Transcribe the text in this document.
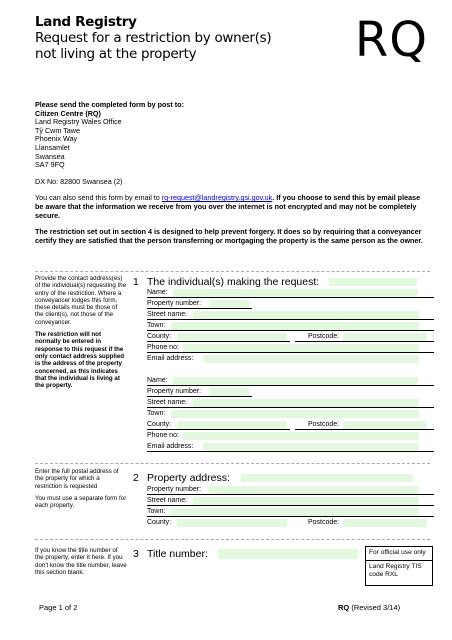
Land Registry
Request for a restriction by owner(s)
not living at the property	RQ

Please send the completed form by post to:

Citizen Centre (RQ)

Land Registry Wales Office

Tŷ Cwm Tawe

Phoenix Way

Llansamlet

Swansea

SA7 9FQ

DX No: 82800 Swansea (2)

You can also send this form by email to rq-request@landregistry.gsi.gov.uk. If you choose to send this by email please be aware that the information we receive from you over the internet is not encrypted and may not be completely secure.

The restriction set out in section 4 is designed to help prevent forgery. It does so by requiring that a conveyancer certify they are satisfied that the person transferring or mortgaging the property is the same person as the owner.

Provide the contact address(es) of the individual(s) requesting the entry of the restriction. Where a conveyancer lodges this form, these details must be those of the client(s), not those of the conveyancer.

The restriction will not normally be entered in response to this request if the only contact address supplied is the address of the property concerned, as this indicates that the individual is living at the property.

1 The individual(s) making the request:
Name:
Property number:
Street name:
Town:
County:	Postcode:
Phone no:
Email address:
Name:
Property number:
Street name:
Town:
County:	Postcode:
Phone no:
Email address:

Enter the full postal address of the property for which a restriction is requested

You must use a separate form for each property.

2 Property address:
Property number:
Street name:
Town:
County:	Postcode:

If you know the title number of the property, enter it here. If you don't know the title number, leave this section blank.

3 Title number:	For official use only
Land Registry TIS
code RXL
Page 1 of 2	RQ (Revised 3/14)
